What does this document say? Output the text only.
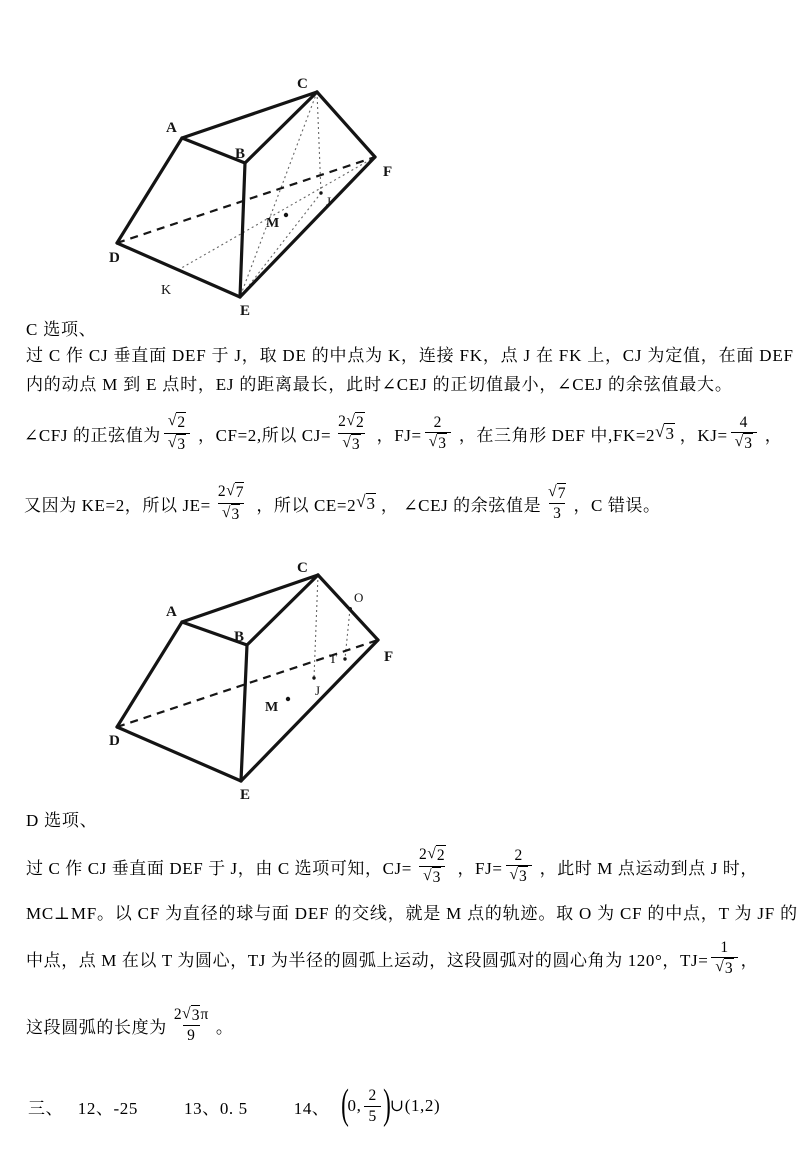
C
A
B
F
D
E
K
M
J
C 选项、
过 C 作 CJ 垂直面 DEF 于 J，取 DE 的中点为 K，连接 FK，点 J 在 FK 上，CJ 为定值，在面 DEF
内的动点 M 到 E 点时，EJ 的距离最长，此时∠CEJ 的正切值最小，∠CEJ 的余弦值最大。
∠CFJ 的正弦值为 $\frac{√ 2}{√ 3}$ ，CF=2,所以 $CJ= \frac{2 √ 2}{√ 3}$ ，$FJ= \frac{2}{√ 3}$ ，在三角形 DEF 中,FK=2 √ 3 ，$KJ= \frac{4}{√ 3}$ ，
又因为 KE=2，所以 $JE= \frac{2 √ 7}{√ 3}$ ，所以 CE=2 √ 3 ， ∠CEJ 的余弦值是 $\frac{√ 7}{3}$ ，C 错误。
C
A
B
O
F
T
J
M
D
E
D 选项、
过 C 作 CJ 垂直面 DEF 于 J，由 C 选项可知，$CJ= \frac{2 √ 2}{√ 3}$ ，$FJ= \frac{2}{√ 3}$ ，此时 M 点运动到点 J 时，
MC⊥MF。以 CF 为直径的球与面 DEF 的交线，就是 M 点的轨迹。取 O 为 CF 的中点，T 为 JF 的
中点，点 M 在以 T 为圆心，TJ 为半径的圆弧上运动，这段圆弧对的圆心角为 120°，$TJ= \frac{1}{√ 3}$ ，
这段圆弧的长度为 $\frac{2 √ 3 \pi}{9}$ 。
三、   12、-25	13、0. 5	14、 ( 0, $\frac{2}{5}$ ) ∪(1,2)
